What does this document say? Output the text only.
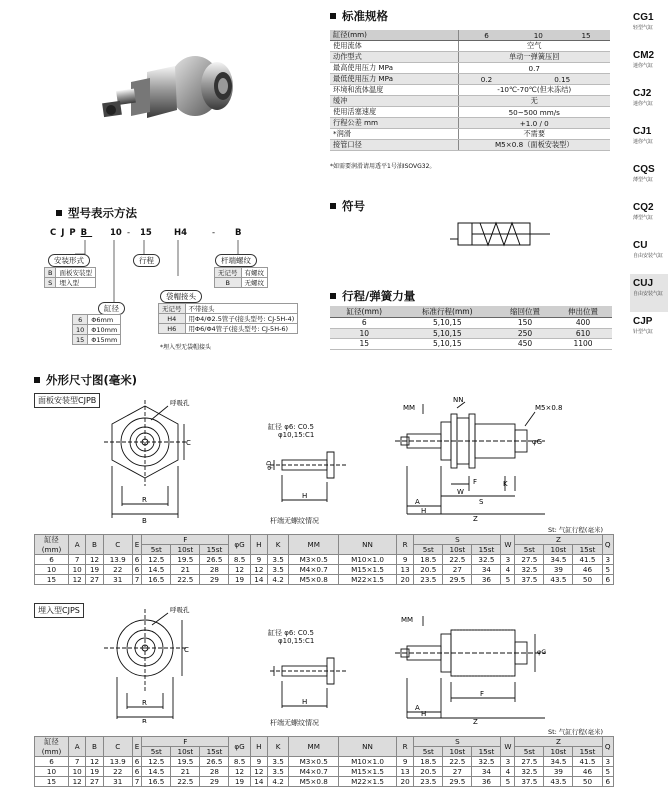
CG1
轻型气缸
CM2
迷你气缸
CJ2
迷你气缸
CJ1
迷你气缸
CQS
薄型气缸
CQ2
薄型气缸
CU
自由安装气缸
CUJ
自由安装气缸
CJP
针型气缸
标准规格
缸径(mm)	6	10	15
使用流体	空气		
动作型式	单动一弹簧压回		
最高使用压力 MPa	0.7		
最低使用压力 MPa	0.2	0.15	
环境和流体温度	-10℃-70℃(但未冻结)		
缓冲	无		
使用活塞速度	50~500 mm/s		
行程公差 mm	+1.0 / 0		
*润滑	不需要		
接管口径	M5×0.8（面板安装型）		
*如需要润滑请用透平1号油ISOVG32。
型号表示方法
CJPB 10 - 15	H4	- B
安装形式
B	面板安装型
S	埋入型
行程
缸径
6	Φ6mm
10	Φ10mm
15	Φ15mm
袋帽接头
无记号	不带接头
H4	用Φ4/Φ2.5管子(接头型号: CJ-5H-4)
H6	用Φ6/Φ4管子(接头型号: CJ-5H-6)
*埋入型无袋帽接头
杆端螺纹
无记号	有螺纹
B	无螺纹
符号
行程/弹簧力量
缸径(mm)	标准行程(mm)	缩回位置	伸出位置
6	5,10,15	150	400
10	5,10,15	250	610
15	5,10,15	450	1100
外形尺寸图(毫米)
面板安装型CJPB	呼吸孔
C
R
B
缸径 φ6: C0.5
φ10,15:C1
H
φD
杆端无螺纹情况
MM
NN
M5×0.8
φG
A
W
F	K
H
S
Z
St: 气缸行程(毫米)
缸径
(mm)	A	B	C	E	F			φG	H	K	MM	NN	R	S			W	Z			Q
					5st	10st	15st							5st	10st	15st		5st	10st	15st	
6	7	12	13.9	6	12.5	19.5	26.5	8.5	9	3.5	M3×0.5	M10×1.0	9	18.5	22.5	32.5	3	27.5	34.5	41.5	3
10	10	19	22	6	14.5	21	28	12	12	3.5	M4×0.7	M15×1.5	13	20.5	27	34	4	32.5	39	46	5
15	12	27	31	7	16.5	22.5	29	19	14	4.2	M5×0.8	M22×1.5	20	23.5	29.5	36	5	37.5	43.5	50	6
埋入型CJPS	呼吸孔
C
R
B
缸径 φ6: C0.5
φ10,15:C1
H
杆端无螺纹情况
MM
A
F
H
Z
φG
St: 气缸行程(毫米)
缸径
(mm)	A	B	C	E	F			φG	H	K	MM	NN	R	S			W	Z			Q
					5st	10st	15st							5st	10st	15st		5st	10st	15st	
6	7	12	13.9	6	12.5	19.5	26.5	8.5	9	3.5	M3×0.5	M10×1.0	9	18.5	22.5	32.5	3	27.5	34.5	41.5	3
10	10	19	22	6	14.5	21	28	12	12	3.5	M4×0.7	M15×1.5	13	20.5	27	34	4	32.5	39	46	5
15	12	27	31	7	16.5	22.5	29	19	14	4.2	M5×0.8	M22×1.5	20	23.5	29.5	36	5	37.5	43.5	50	6
